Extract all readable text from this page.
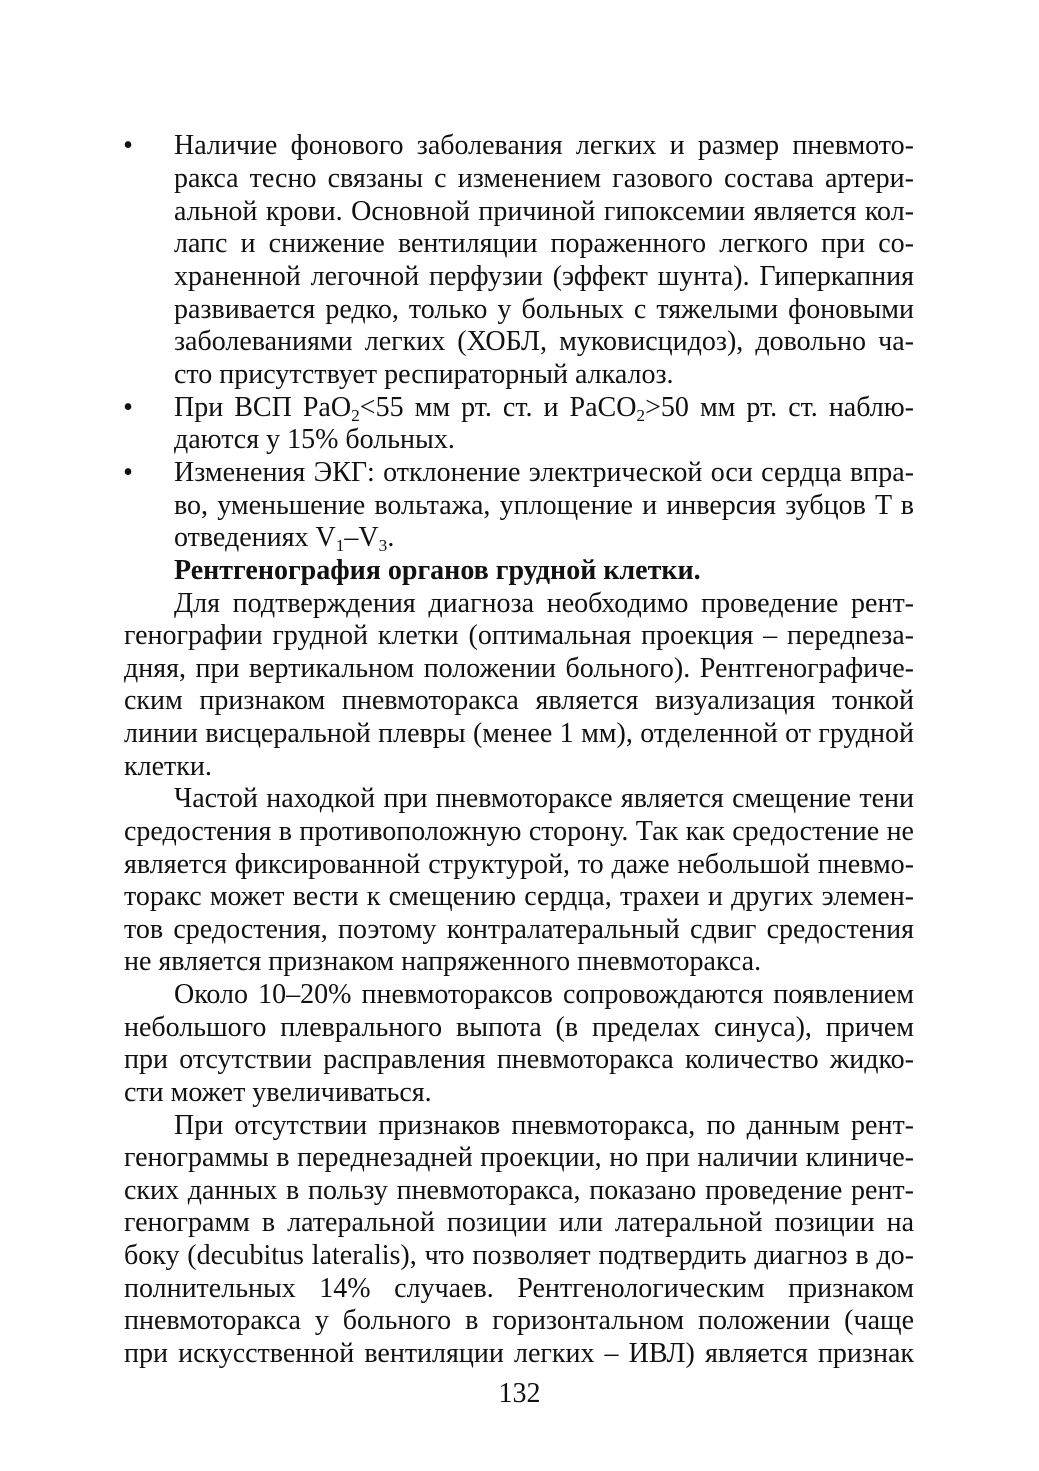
• Наличие фонового заболевания легких и размер пневмото-
ракса тесно связаны с изменением газового состава артери-
альной крови. Основной причиной гипоксемии является кол-
лапс и снижение вентиляции пораженного легкого при со-
храненной легочной перфузии (эффект шунта). Гиперкапния
развивается редко, только у больных с тяжелыми фоновыми
заболеваниями легких (ХОБЛ, муковисцидоз), довольно ча-
сто присутствует респираторный алкалоз.
• При ВСП PaO$_2$<55 мм рт. ст. и PaCO$_2$>50 мм рт. ст. наблю-
даются у 15% больных.
• Изменения ЭКГ: отклонение электрической оси сердца впра-
во, уменьшение вольтажа, уплощение и инверсия зубцов T в
отведениях $V_1-V_3$.
Рентгенография органов грудной клетки.
Для подтверждения диагноза необходимо проведение рент-
генографии грудной клетки (оптимальная проекция – передneза-
дняя, при вертикальном положении больного). Рентгенографиче-
ским признаком пневмоторакса является визуализация тонкой
линии висцеральной плевры (менее 1 мм), отделенной от грудной
клетки.
Частой находкой при пневмотораксе является смещение тени
средостения в противоположную сторону. Так как средостение не
является фиксированной структурой, то даже небольшой пневмо-
торакс может вести к смещению сердца, трахеи и других элемен-
тов средостения, поэтому контралатеральный сдвиг средостения
не является признаком напряженного пневмоторакса.
Около 10–20% пневмотораксов сопровождаются появлением
небольшого плеврального выпота (в пределах синуса), причем
при отсутствии расправления пневмоторакса количество жидко-
сти может увеличиваться.
При отсутствии признаков пневмоторакса, по данным рент-
генограммы в переднезадней проекции, но при наличии клиниче-
ских данных в пользу пневмоторакса, показано проведение рент-
генограмм в латеральной позиции или латеральной позиции на
боку (decubitus lateralis), что позволяет подтвердить диагноз в до-
полнительных 14% случаев. Рентгенологическим признаком
пневмоторакса у больного в горизонтальном положении (чаще
при искусственной вентиляции легких – ИВЛ) является признак
132
